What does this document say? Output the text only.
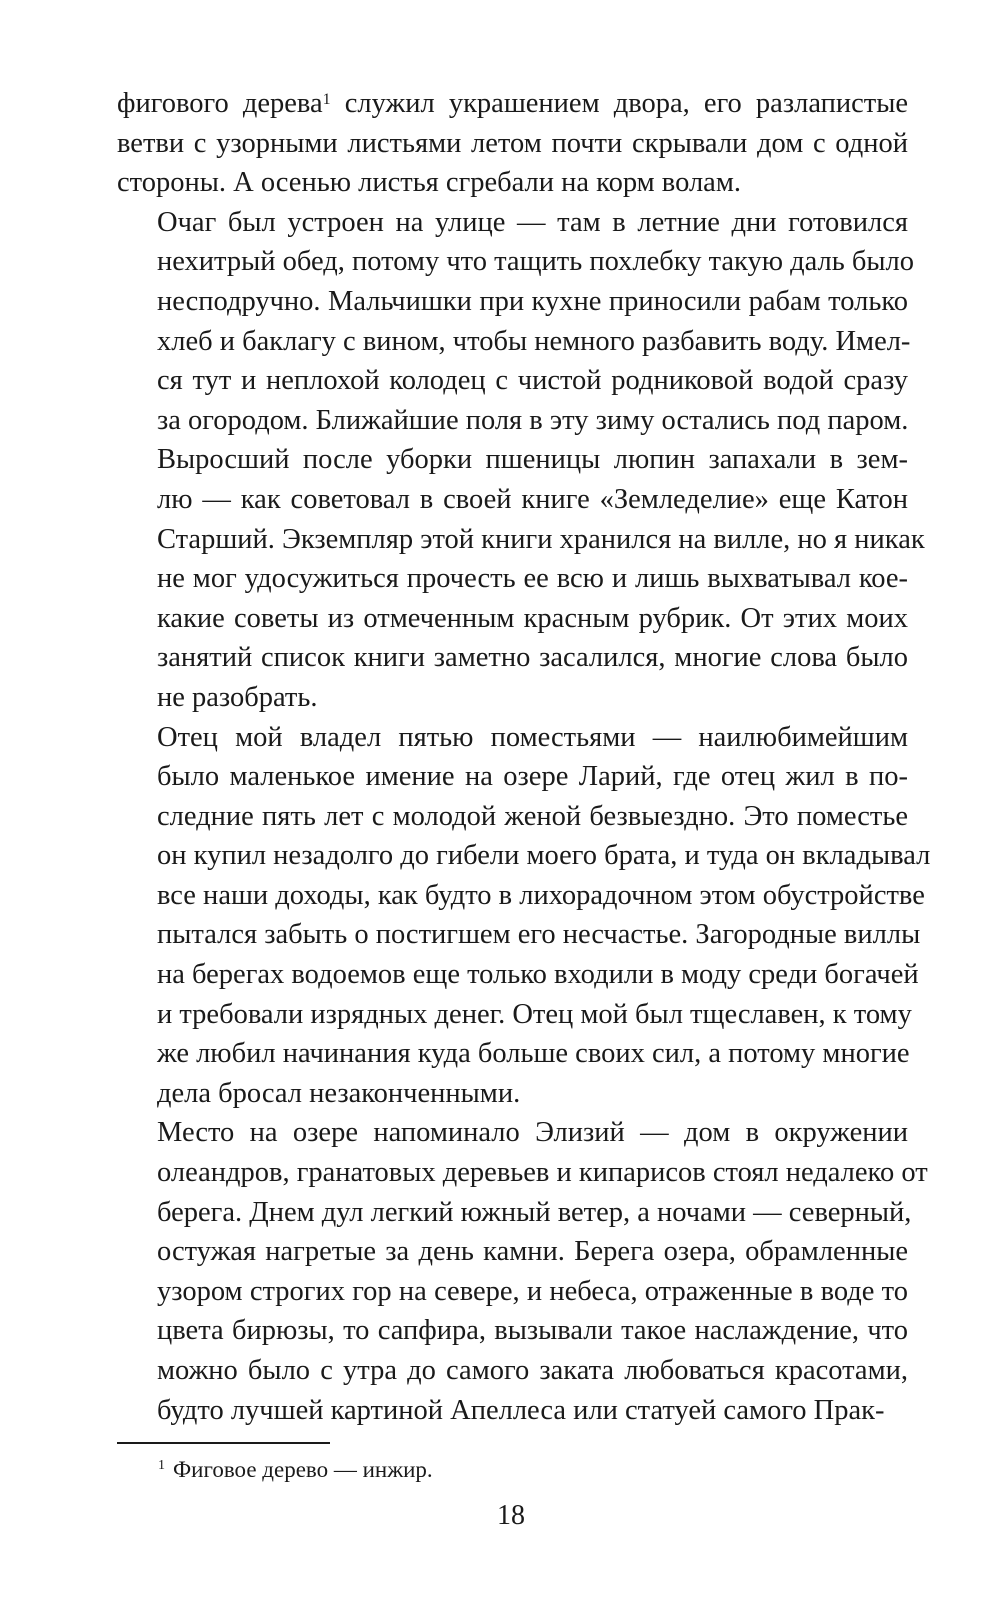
фигового дерева$^1$ служил украшением двора, его разлапистые
ветви с узорными листьями летом почти скрывали дом с одной
стороны. А осенью листья сгребали на корм волам.

Очаг был устроен на улице — там в летние дни готовился
нехитрый обед, потому что тащить похлебку такую даль было
несподручно. Мальчишки при кухне приносили рабам только
хлеб и баклагу с вином, чтобы немного разбавить воду. Имел-
ся тут и неплохой колодец с чистой родниковой водой сразу
за огородом. Ближайшие поля в эту зиму остались под паром.
Выросший после уборки пшеницы люпин запахали в зем-
лю — как советовал в своей книге «Земледелие» еще Катон
Старший. Экземпляр этой книги хранился на вилле, но я никак
не мог удосужиться прочесть ее всю и лишь выхватывал кое-
какие советы из отмеченным красным рубрик. От этих моих
занятий список книги заметно засалился, многие слова было
не разобрать.

Отец мой владел пятью поместьями — наилюбимейшим
было маленькое имение на озере Ларий, где отец жил в по-
следние пять лет с молодой женой безвыездно. Это поместье
он купил незадолго до гибели моего брата, и туда он вкладывал
все наши доходы, как будто в лихорадочном этом обустройстве
пытался забыть о постигшем его несчастье. Загородные виллы
на берегах водоемов еще только входили в моду среди богачей
и требовали изрядных денег. Отец мой был тщеславен, к тому
же любил начинания куда больше своих сил, а потому многие
дела бросал незаконченными.

Место на озере напоминало Элизий — дом в окружении
олеандров, гранатовых деревьев и кипарисов стоял недалеко от
берега. Днем дул легкий южный ветер, а ночами — северный,
остужая нагретые за день камни. Берега озера, обрамленные
узором строгих гор на севере, и небеса, отраженные в воде то
цвета бирюзы, то сапфира, вызывали такое наслаждение, что
можно было с утра до самого заката любоваться красотами,
будто лучшей картиной Апеллеса или статуей самого Прак-

$^1$ Фиговое дерево — инжир.
18
